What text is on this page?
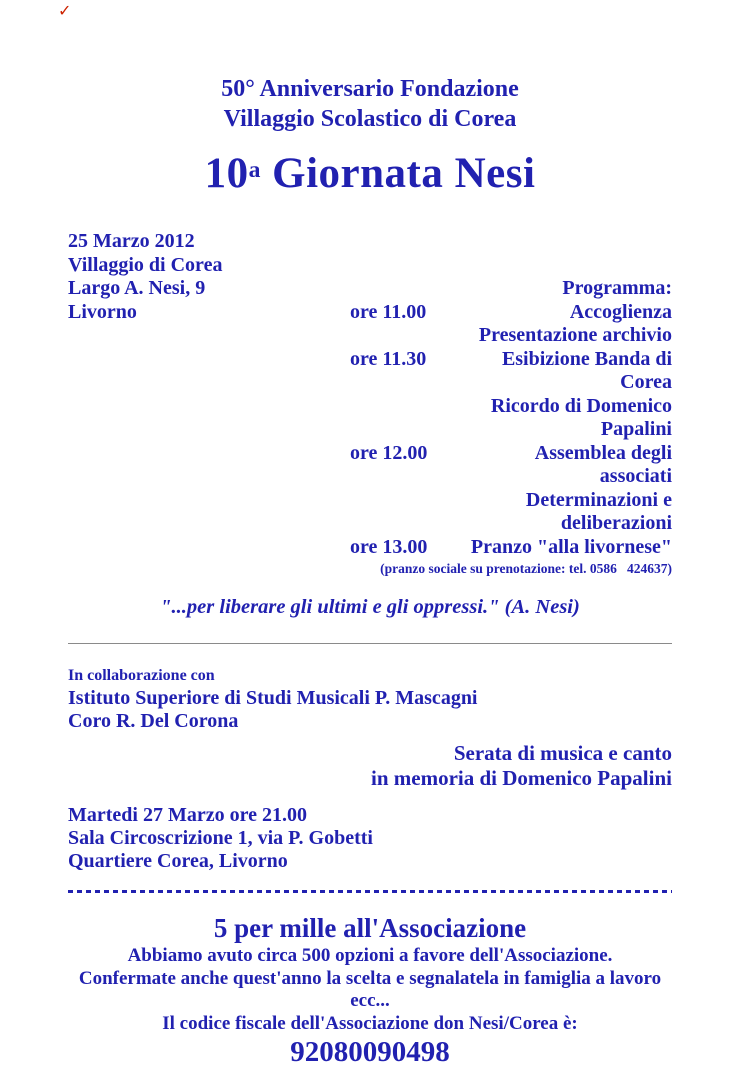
✓
50° Anniversario Fondazione
Villaggio Scolastico di Corea
10$^a$ Giornata Nesi
25 Marzo 2012
Villaggio di Corea
Largo A. Nesi, 9
Livorno
Programma:
ore 11.00	Accoglienza
Presentazione archivio
ore 11.30	Esibizione Banda di Corea
Ricordo di Domenico Papalini
ore 12.00	Assemblea degli associati
Determinazioni e deliberazioni
ore 13.00	Pranzo "alla livornese"
(pranzo sociale su prenotazione: tel. 0586   424637)
"...per liberare gli ultimi e gli oppressi." (A. Nesi)
In collaborazione con
Istituto Superiore di Studi Musicali P. Mascagni
Coro R. Del Corona
Serata di musica e canto
in memoria di Domenico Papalini
Martedi 27 Marzo ore 21.00
Sala Circoscrizione 1, via P. Gobetti
Quartiere Corea, Livorno
5 per mille all'Associazione
Abbiamo avuto circa 500 opzioni a favore dell'Associazione.
Confermate anche quest'anno la scelta e segnalatela in famiglia a lavoro ecc...
Il codice fiscale dell'Associazione don Nesi/Corea è:
92080090498
